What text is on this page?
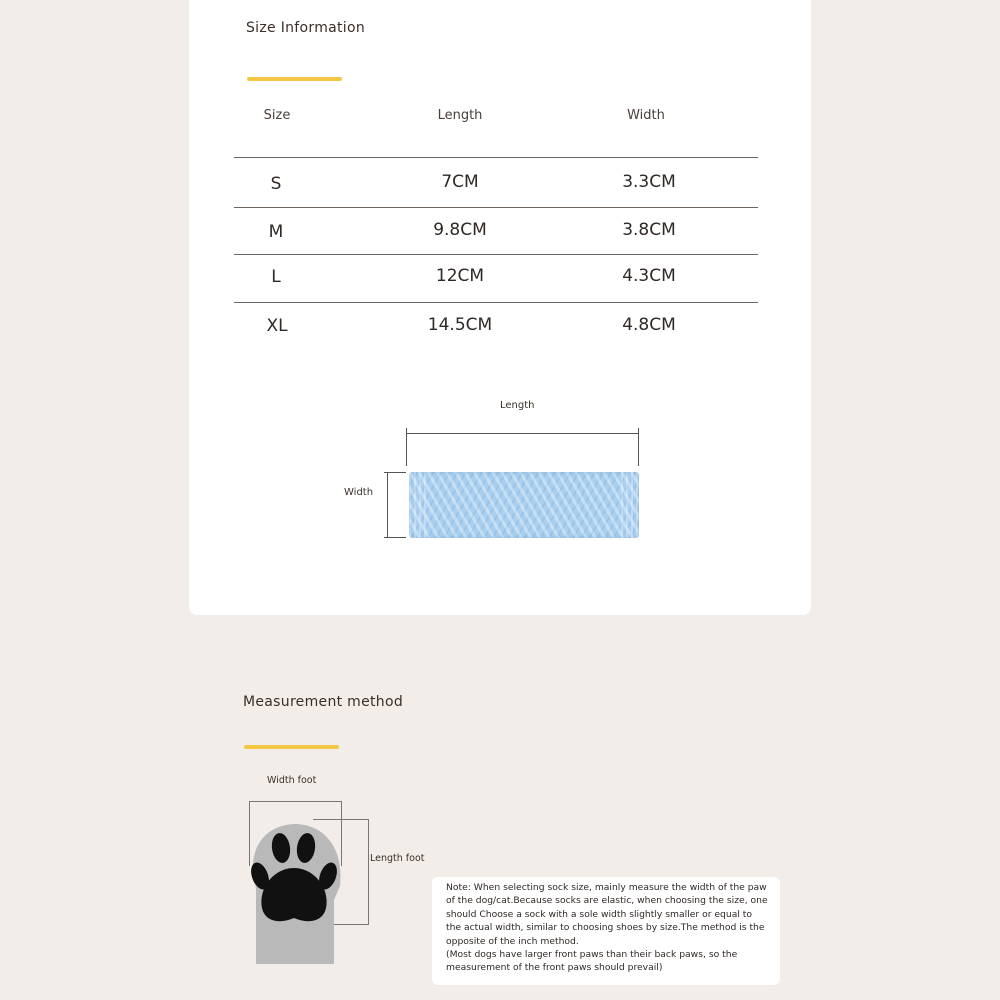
Size Information
Size	Length	Width
S	7CM	3.3CM
M	9.8CM	3.8CM
L	12CM	4.3CM
XL	14.5CM	4.8CM
Length
Width
Measurement method
Width foot
Length foot

Note: When selecting sock size, mainly measure the width of the paw of the dog/cat.Because socks are elastic, when choosing the size, one should Choose a sock with a sole width slightly smaller or equal to the actual width, similar to choosing shoes by size.The method is the opposite of the inch method.

(Most dogs have larger front paws than their back paws, so the measurement of the front paws should prevail)
